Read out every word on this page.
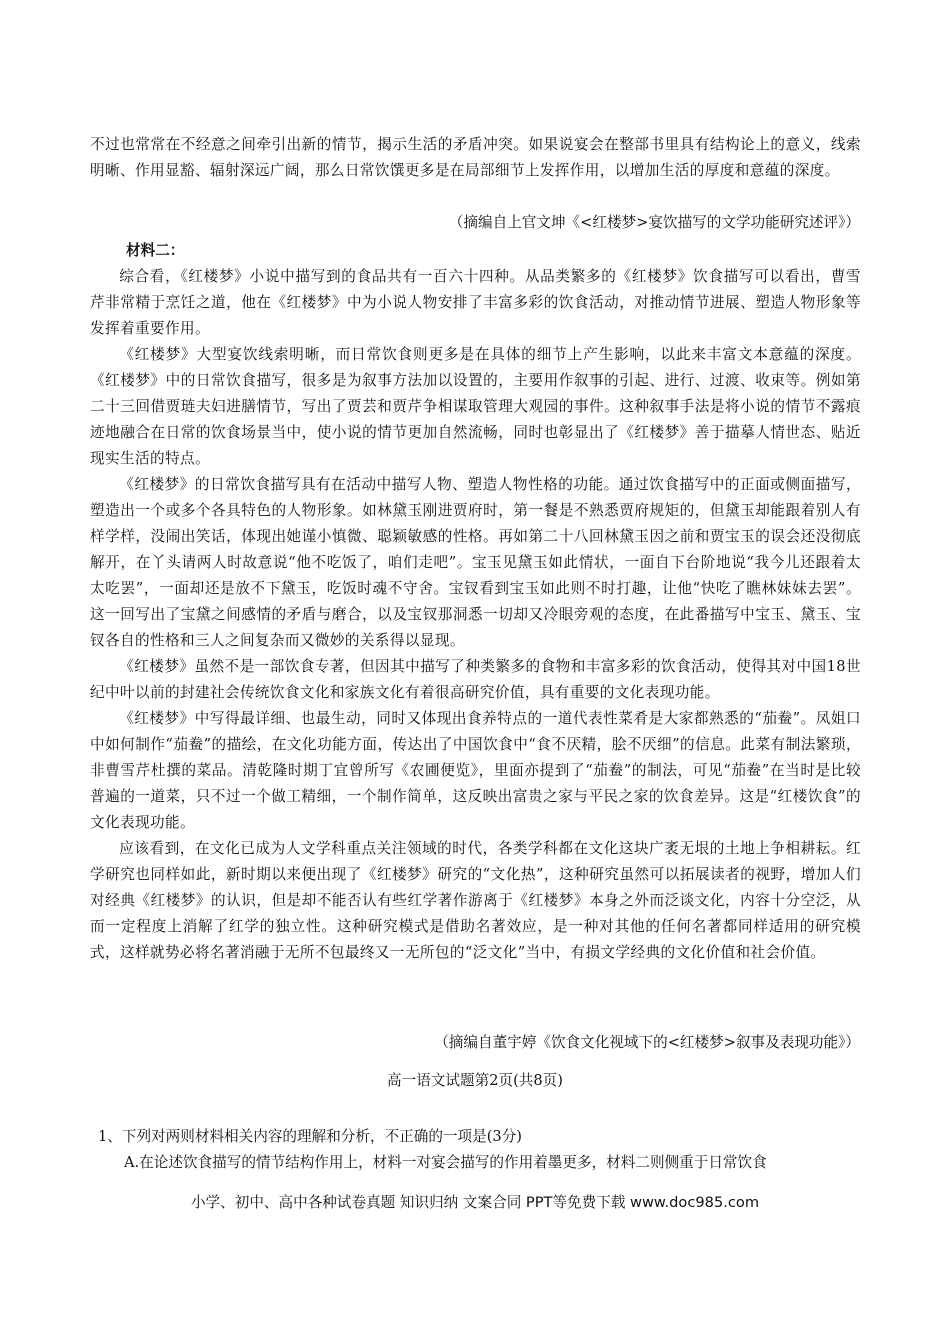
不过也常常在不经意之间牵引出新的情节，揭示生活的矛盾冲突。如果说宴会在整部书里具有结构论上的意义，线索明晰、作用显豁、辐射深远广阔，那么日常饮馔更多是在局部细节上发挥作用，以增加生活的厚度和意蕴的深度。

（摘编自上官文坤《<红楼梦>宴饮描写的文学功能研究述评》）
材料二：

综合看，《红楼梦》小说中描写到的食品共有一百六十四种。从品类繁多的《红楼梦》饮食描写可以看出，曹雪芹非常精于烹饪之道，他在《红楼梦》中为小说人物安排了丰富多彩的饮食活动，对推动情节进展、塑造人物形象等发挥着重要作用。

《红楼梦》大型宴饮线索明晰，而日常饮食则更多是在具体的细节上产生影响，以此来丰富文本意蕴的深度。《红楼梦》中的日常饮食描写，很多是为叙事方法加以设置的，主要用作叙事的引起、进行、过渡、收束等。例如第二十三回借贾琏夫妇进膳情节，写出了贾芸和贾芹争相谋取管理大观园的事件。这种叙事手法是将小说的情节不露痕迹地融合在日常的饮食场景当中，使小说的情节更加自然流畅，同时也彰显出了《红楼梦》善于描摹人情世态、贴近现实生活的特点。

《红楼梦》的日常饮食描写具有在活动中描写人物、塑造人物性格的功能。通过饮食描写中的正面或侧面描写，塑造出一个或多个各具特色的人物形象。如林黛玉刚进贾府时，第一餐是不熟悉贾府规矩的，但黛玉却能跟着别人有样学样，没闹出笑话，体现出她谨小慎微、聪颖敏感的性格。再如第二十八回林黛玉因之前和贾宝玉的误会还没彻底解开，在丫头请两人时故意说“他不吃饭了，咱们走吧”。宝玉见黛玉如此情状，一面自下台阶地说“我今儿还跟着太太吃罢”，一面却还是放不下黛玉，吃饭时魂不守舍。宝钗看到宝玉如此则不时打趣，让他“快吃了瞧林妹妹去罢”。这一回写出了宝黛之间感情的矛盾与磨合，以及宝钗那洞悉一切却又冷眼旁观的态度，在此番描写中宝玉、黛玉、宝钗各自的性格和三人之间复杂而又微妙的关系得以显现。

《红楼梦》虽然不是一部饮食专著，但因其中描写了种类繁多的食物和丰富多彩的饮食活动，使得其对中国18世纪中叶以前的封建社会传统饮食文化和家族文化有着很高研究价值，具有重要的文化表现功能。

《红楼梦》中写得最详细、也最生动，同时又体现出食养特点的一道代表性菜肴是大家都熟悉的“茄鲞”。凤姐口中如何制作“茄鲞”的描绘，在文化功能方面，传达出了中国饮食中“食不厌精，脍不厌细”的信息。此菜有制法繁琐，非曹雪芹杜撰的菜品。清乾隆时期丁宜曾所写《农圃便览》，里面亦提到了“茄鲞”的制法，可见“茄鲞”在当时是比较普遍的一道菜，只不过一个做工精细，一个制作简单，这反映出富贵之家与平民之家的饮食差异。这是“红楼饮食”的文化表现功能。

应该看到，在文化已成为人文学科重点关注领域的时代，各类学科都在文化这块广袤无垠的土地上争相耕耘。红学研究也同样如此，新时期以来便出现了《红楼梦》研究的“文化热”，这种研究虽然可以拓展读者的视野，增加人们对经典《红楼梦》的认识，但是却不能否认有些红学著作游离于《红楼梦》本身之外而泛谈文化，内容十分空泛，从而一定程度上消解了红学的独立性。这种研究模式是借助名著效应，是一种对其他的任何名著都同样适用的研究模式，这样就势必将名著消融于无所不包最终又一无所包的“泛文化”当中，有损文学经典的文化价值和社会价值。

（摘编自董宇婷《饮食文化视域下的<红楼梦>叙事及表现功能》）
高一语文试题第2页(共8页)
1、下列对两则材料相关内容的理解和分析，不正确的一项是(3分)
A.在论述饮食描写的情节结构作用上，材料一对宴会描写的作用着墨更多，材料二则侧重于日常饮食
小学、初中、高中各种试卷真题 知识归纳 文案合同 PPT等免费下载 www.doc985.com
